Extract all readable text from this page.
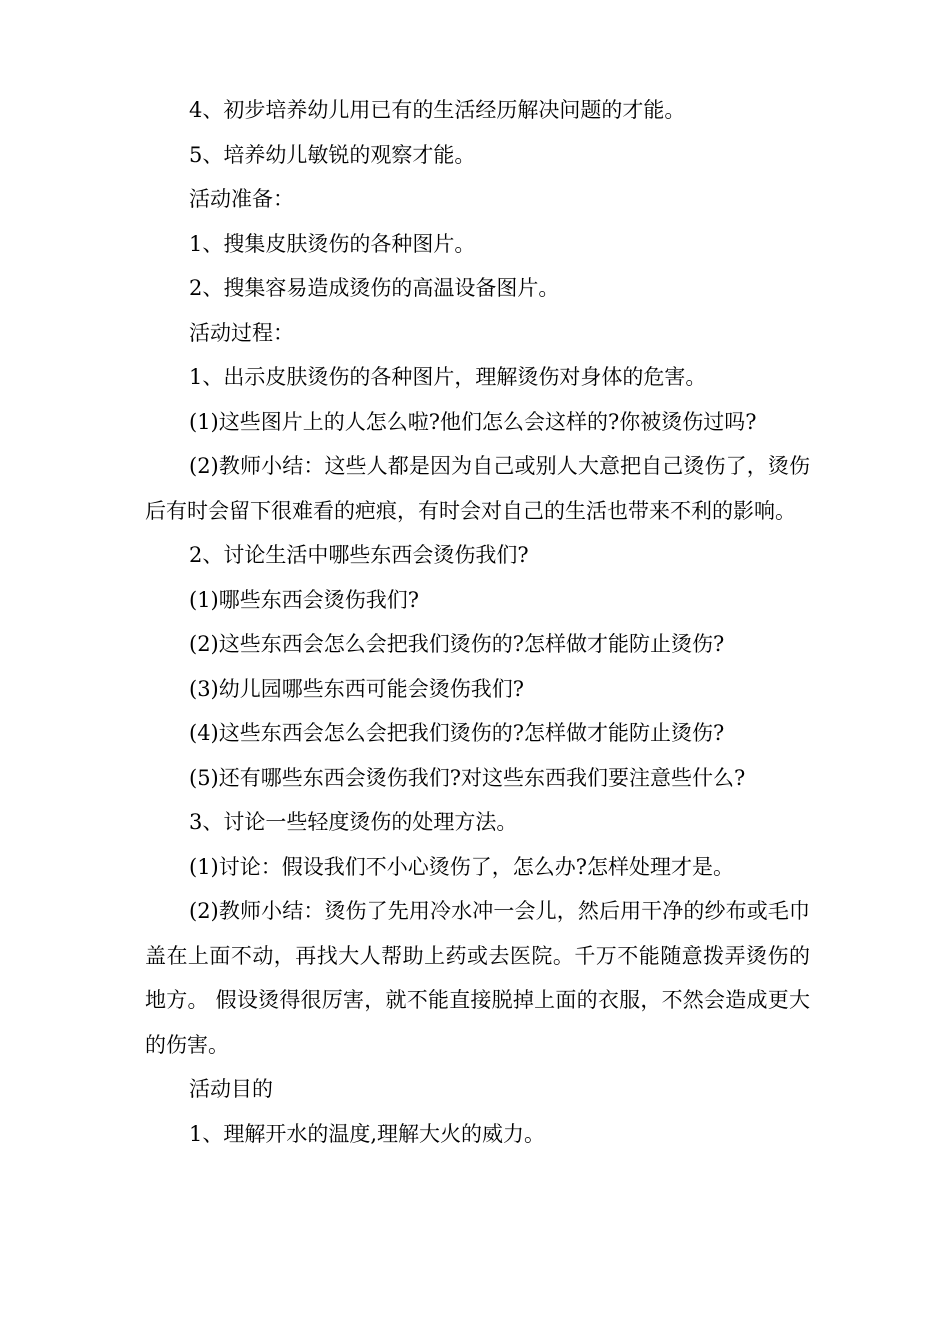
4、初步培养幼儿用已有的生活经历解决问题的才能。

5、培养幼儿敏锐的观察才能。

活动准备：

1、搜集皮肤烫伤的各种图片。

2、搜集容易造成烫伤的高温设备图片。

活动过程：

1、出示皮肤烫伤的各种图片，理解烫伤对身体的危害。

(1)这些图片上的人怎么啦?他们怎么会这样的?你被烫伤过吗?

(2)教师小结：这些人都是因为自己或别人大意把自己烫伤了，烫伤后有时会留下很难看的疤痕，有时会对自己的生活也带来不利的影响。

2、讨论生活中哪些东西会烫伤我们?

(1)哪些东西会烫伤我们?

(2)这些东西会怎么会把我们烫伤的?怎样做才能防止烫伤?

(3)幼儿园哪些东西可能会烫伤我们?

(4)这些东西会怎么会把我们烫伤的?怎样做才能防止烫伤?

(5)还有哪些东西会烫伤我们?对这些东西我们要注意些什么?

3、讨论一些轻度烫伤的处理方法。

(1)讨论：假设我们不小心烫伤了，怎么办?怎样处理才是。

(2)教师小结：烫伤了先用冷水冲一会儿，然后用干净的纱布或毛巾盖在上面不动，再找大人帮助上药或去医院。千万不能随意拨弄烫伤的地方。 假设烫得很厉害，就不能直接脱掉上面的衣服，不然会造成更大的伤害。

活动目的

1、理解开水的温度,理解大火的威力。
